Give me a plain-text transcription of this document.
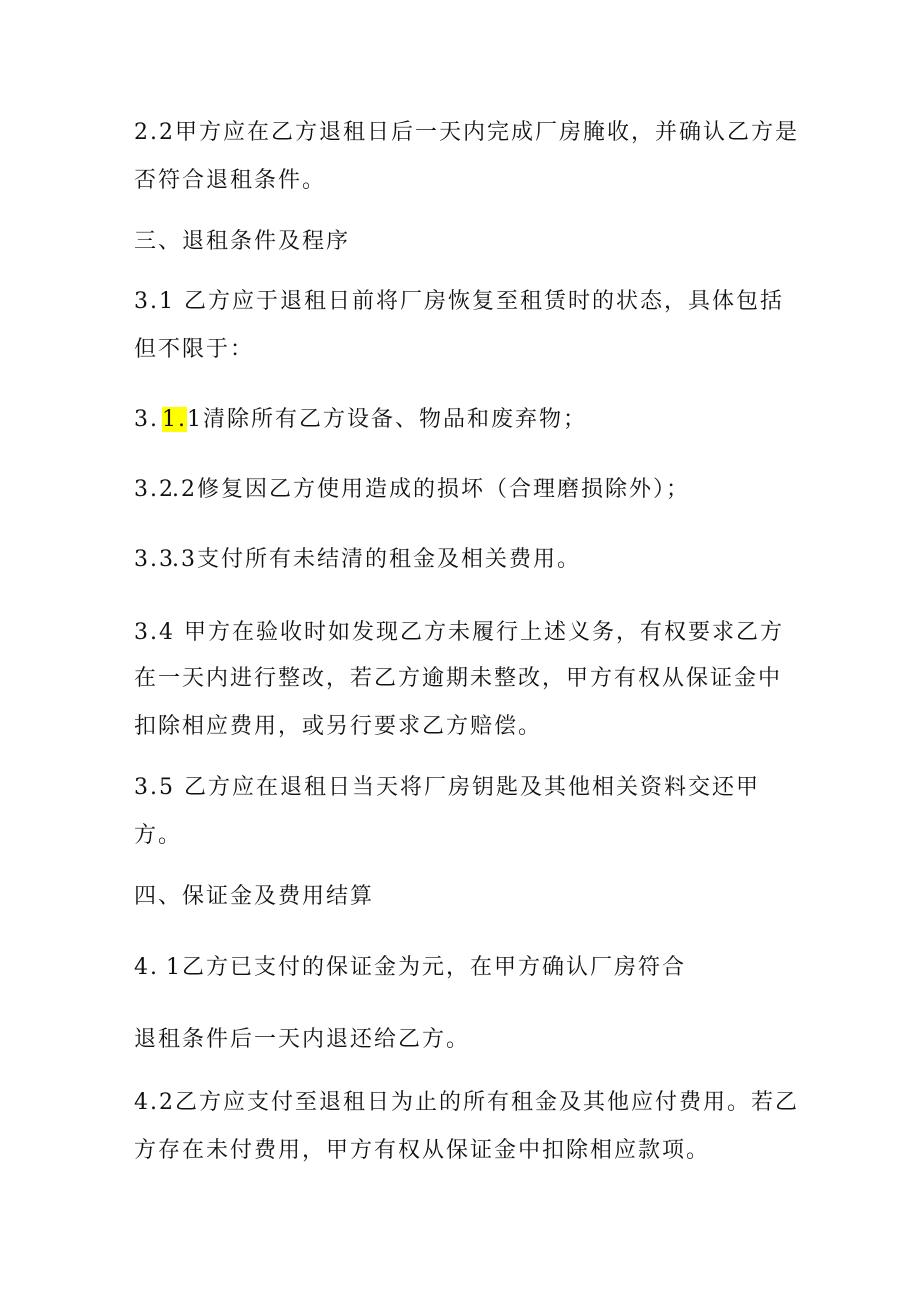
2.2甲方应在乙方退租日后一天内完成厂房腌收，并确认乙方是
否符合退租条件。
三、退租条件及程序
3.1 乙方应于退租日前将厂房恢复至租赁时的状态，具体包括
但不限于：
3. 1.1清除所有乙方设备、物品和废弃物；
3.2.2修复因乙方使用造成的损坏（合理磨损除外）；
3.3.3支付所有未结清的租金及相关费用。
3.4 甲方在验收时如发现乙方未履行上述义务，有权要求乙方
在一天内进行整改，若乙方逾期未整改，甲方有权从保证金中
扣除相应费用，或另行要求乙方赔偿。
3.5 乙方应在退租日当天将厂房钥匙及其他相关资料交还甲
方。
四、保证金及费用结算
4. 1乙方已支付的保证金为元，在甲方确认厂房符合
退租条件后一天内退还给乙方。
4.2乙方应支付至退租日为止的所有租金及其他应付费用。若乙
方存在未付费用，甲方有权从保证金中扣除相应款项。
